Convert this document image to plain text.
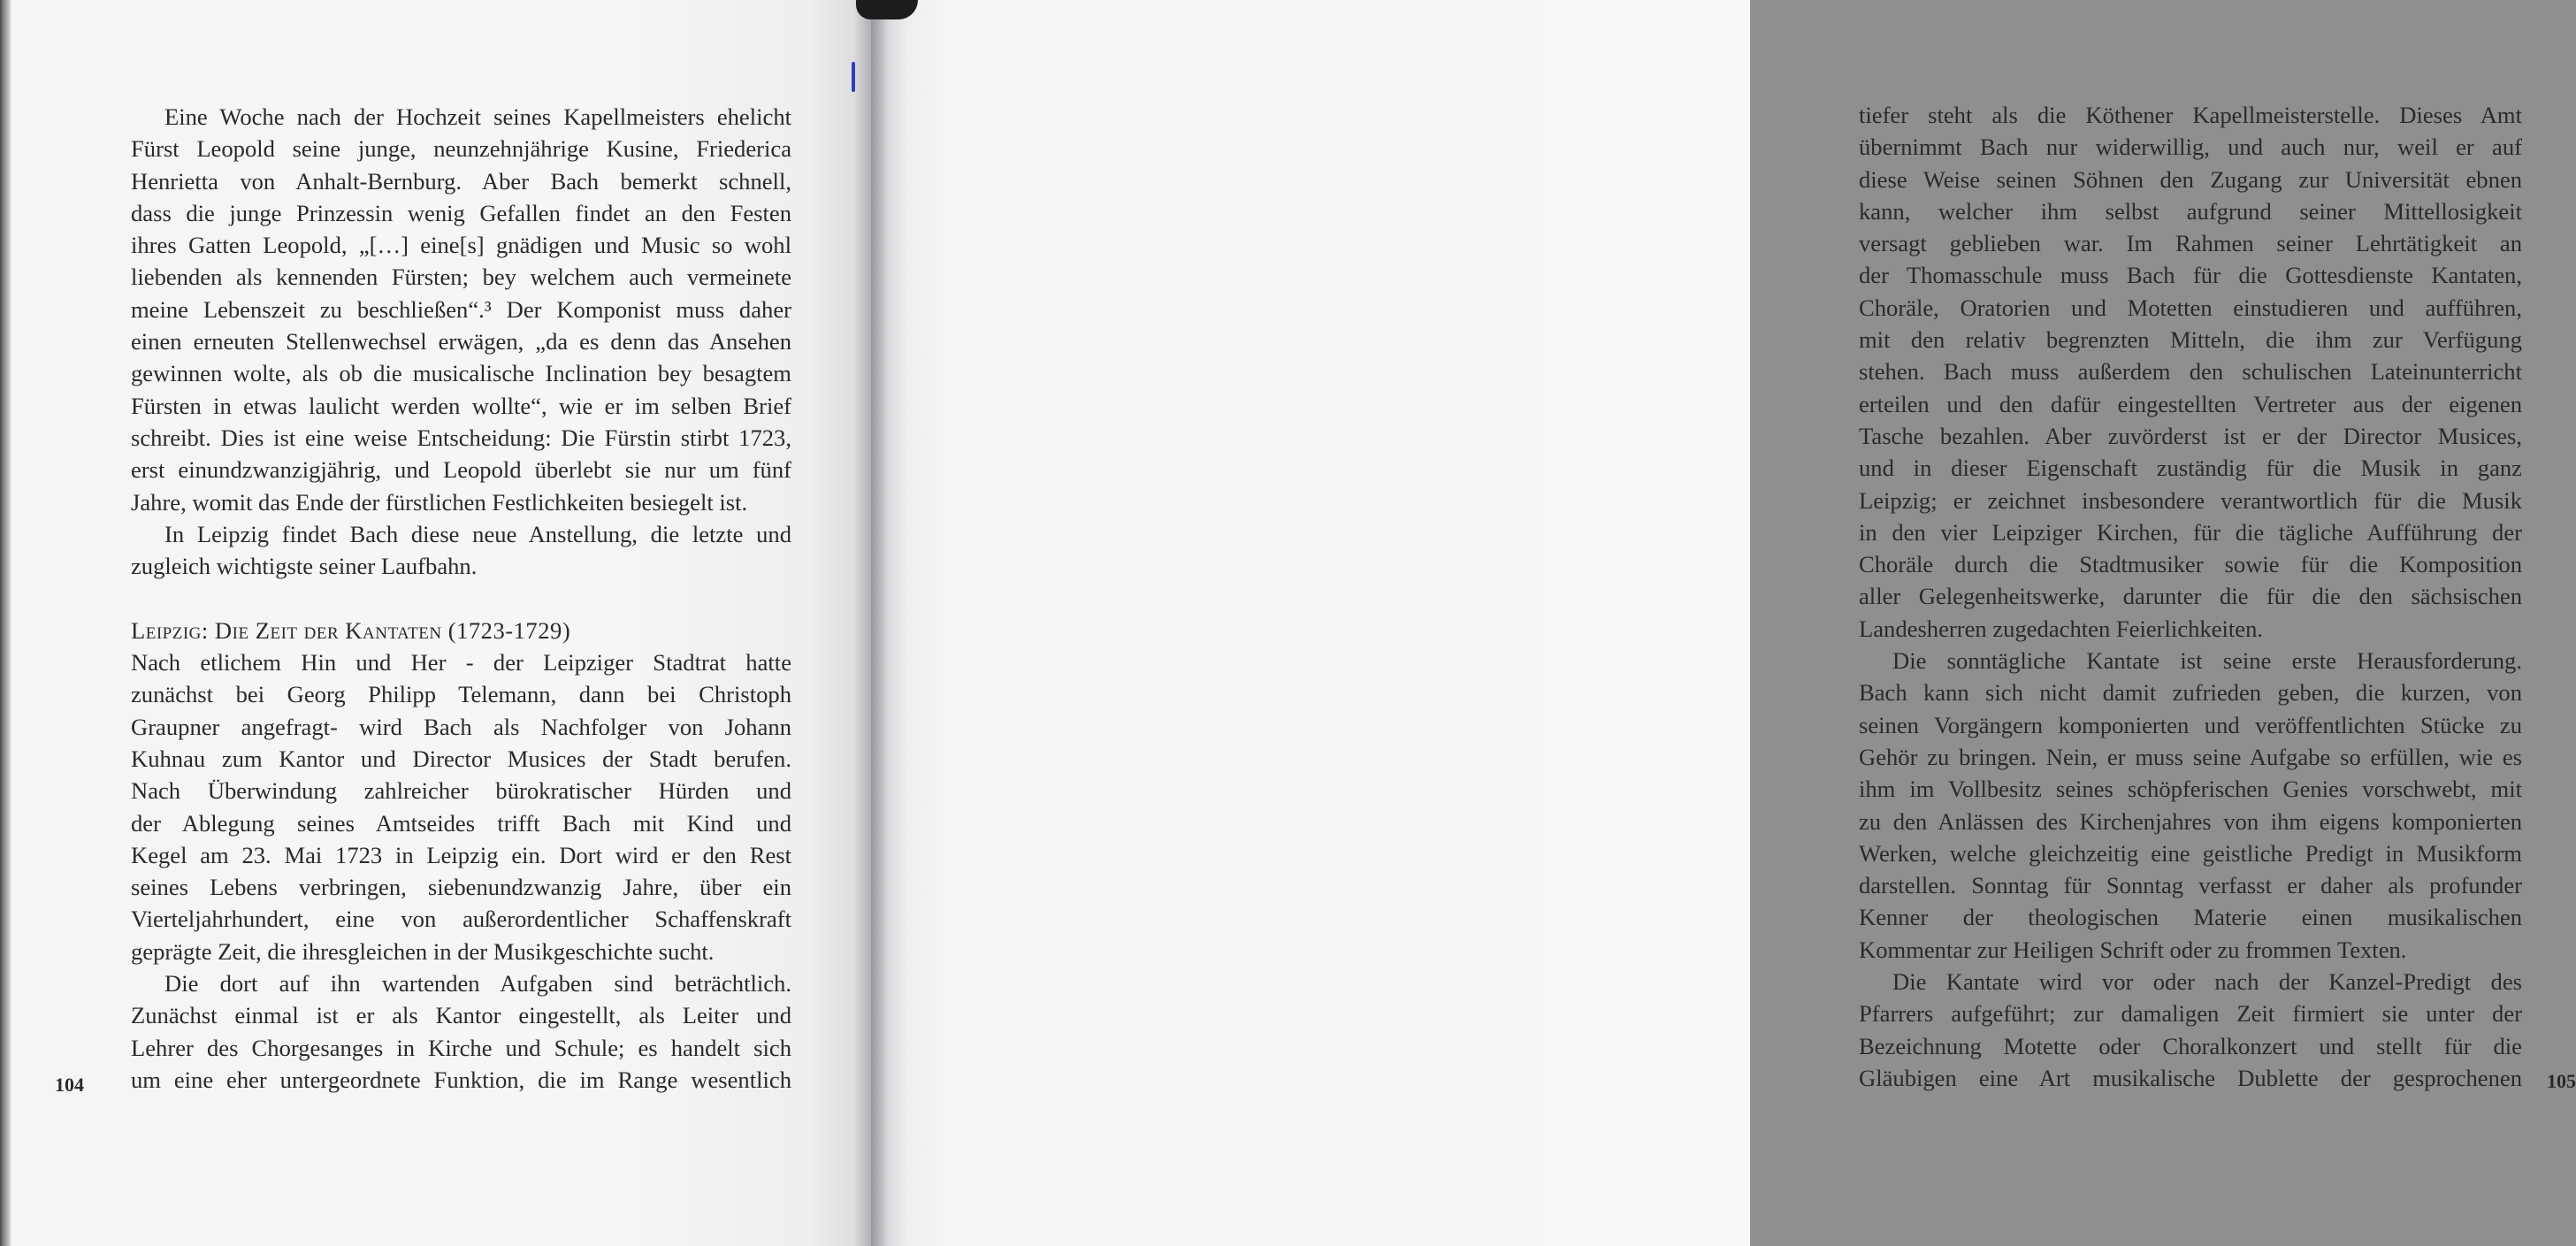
Eine Woche nach der Hochzeit seines Kapellmeisters ehelicht
Fürst Leopold seine junge, neunzehnjährige Kusine, Friederica
Henrietta von Anhalt-Bernburg. Aber Bach bemerkt schnell,
dass die junge Prinzessin wenig Gefallen findet an den Festen
ihres Gatten Leopold, „[…] eine[s] gnädigen und Music so wohl
liebenden als kennenden Fürsten; bey welchem auch vermeinete
meine Lebenszeit zu beschließen“.³ Der Komponist muss daher
einen erneuten Stellenwechsel erwägen, „da es denn das Ansehen
gewinnen wolte, als ob die musicalische Inclination bey besagtem
Fürsten in etwas laulicht werden wollte“, wie er im selben Brief
schreibt. Dies ist eine weise Entscheidung: Die Fürstin stirbt 1723,
erst einundzwanzigjährig, und Leopold überlebt sie nur um fünf
Jahre, womit das Ende der fürstlichen Festlichkeiten besiegelt ist.
In Leipzig findet Bach diese neue Anstellung, die letzte und
zugleich wichtigste seiner Laufbahn.
Leipzig: Die Zeit der Kantaten (1723-1729)
Nach etlichem Hin und Her - der Leipziger Stadtrat hatte
zunächst bei Georg Philipp Telemann, dann bei Christoph
Graupner angefragt- wird Bach als Nachfolger von Johann
Kuhnau zum Kantor und Director Musices der Stadt berufen.
Nach Überwindung zahlreicher bürokratischer Hürden und
der Ablegung seines Amtseides trifft Bach mit Kind und
Kegel am 23. Mai 1723 in Leipzig ein. Dort wird er den Rest
seines Lebens verbringen, siebenundzwanzig Jahre, über ein
Vierteljahrhundert, eine von außerordentlicher Schaffenskraft
geprägte Zeit, die ihresgleichen in der Musikgeschichte sucht.
Die dort auf ihn wartenden Aufgaben sind beträchtlich.
Zunächst einmal ist er als Kantor eingestellt, als Leiter und
Lehrer des Chorgesanges in Kirche und Schule; es handelt sich
um eine eher untergeordnete Funktion, die im Range wesentlich
104
tiefer steht als die Köthener Kapellmeisterstelle. Dieses Amt
übernimmt Bach nur widerwillig, und auch nur, weil er auf
diese Weise seinen Söhnen den Zugang zur Universität ebnen
kann, welcher ihm selbst aufgrund seiner Mittellosigkeit
versagt geblieben war. Im Rahmen seiner Lehrtätigkeit an
der Thomasschule muss Bach für die Gottesdienste Kantaten,
Choräle, Oratorien und Motetten einstudieren und aufführen,
mit den relativ begrenzten Mitteln, die ihm zur Verfügung
stehen. Bach muss außerdem den schulischen Lateinunterricht
erteilen und den dafür eingestellten Vertreter aus der eigenen
Tasche bezahlen. Aber zuvörderst ist er der Director Musices,
und in dieser Eigenschaft zuständig für die Musik in ganz
Leipzig; er zeichnet insbesondere verantwortlich für die Musik
in den vier Leipziger Kirchen, für die tägliche Aufführung der
Choräle durch die Stadtmusiker sowie für die Komposition
aller Gelegenheitswerke, darunter die für die den sächsischen
Landesherren zugedachten Feierlichkeiten.
Die sonntägliche Kantate ist seine erste Herausforderung.
Bach kann sich nicht damit zufrieden geben, die kurzen, von
seinen Vorgängern komponierten und veröffentlichten Stücke zu
Gehör zu bringen. Nein, er muss seine Aufgabe so erfüllen, wie es
ihm im Vollbesitz seines schöpferischen Genies vorschwebt, mit
zu den Anlässen des Kirchenjahres von ihm eigens komponierten
Werken, welche gleichzeitig eine geistliche Predigt in Musikform
darstellen. Sonntag für Sonntag verfasst er daher als profunder
Kenner der theologischen Materie einen musikalischen
Kommentar zur Heiligen Schrift oder zu frommen Texten.
Die Kantate wird vor oder nach der Kanzel-Predigt des
Pfarrers aufgeführt; zur damaligen Zeit firmiert sie unter der
Bezeichnung Motette oder Choralkonzert und stellt für die
Gläubigen eine Art musikalische Dublette der gesprochenen 105
